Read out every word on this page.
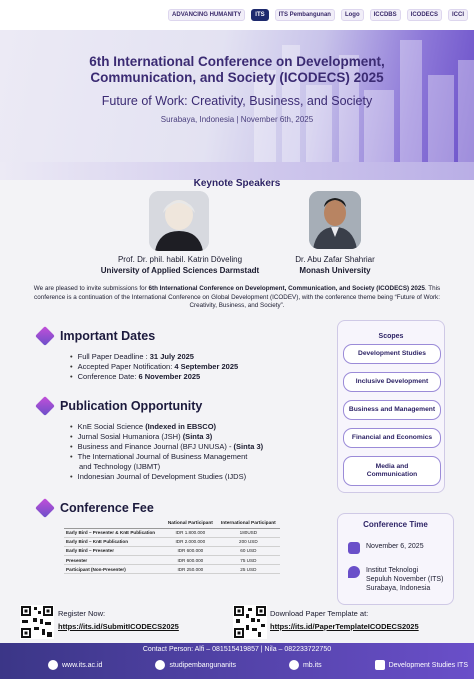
ADVANCING HUMANITY	ITS	ITS Pembangunan	Logo	ICCDBS	ICODECS	ICCI
6th International Conference on Development,
Communication, and Society (ICODECS) 2025
Future of Work: Creativity, Business, and Society
Surabaya, Indonesia | November 6th, 2025
Keynote Speakers
Prof. Dr. phil. habil. Katrin Döveling
University of Applied Sciences Darmstadt
Dr. Abu Zafar Shahriar
Monash University
We are pleased to invite submissions for 6th International Conference on Development, Communication, and Society (ICODECS) 2025. This conference is a continuation of the International Conference on Global Development (ICODEV), with the conference theme being “Future of Work: Creativity, Business, and Society”.
Important Dates
• Full Paper Deadline : 31 July 2025
• Accepted Paper Notification: 4 September 2025
• Conference Date: 6 November 2025
Scopes
Development Studies
Inclusive Development
Business and Management
Financial and Economics
Media and Communication
Publication Opportunity
• KnE Social Science (Indexed in EBSCO)
• Jurnal Sosial Humaniora (JSH) (Sinta 3)
• Business and Finance Journal (BFJ UNUSA) - (Sinta 3)
• The International Journal of Business Management
and Technology (IJBMT)
• Indonesian Journal of Development Studies (IJDS)
Conference Fee
	National Participant	International Participant
Early Bird – Presenter & KnE Publication	IDR 1.800.000	180USD
Early Bird – KnE Publication	IDR 2.000.000	200 USD
Early Bird – Presenter	IDR 600.000	60 USD
Presenter	IDR 600.000	75 USD
Participant (Non-Presenter)	IDR 250.000	25 USD
Conference Time
November 6, 2025
Institut Teknologi
Sepuluh November (ITS)
Surabaya, Indonesia
Register Now:
https://its.id/SubmitICODECS2025
Download Paper Template at:
https://its.id/PaperTemplateICODECS2025
Contact Person: Alfi – 081515419857 | Nila – 082233722750
www.its.ac.id	studipembangunanits	mb.its	Development Studies ITS
